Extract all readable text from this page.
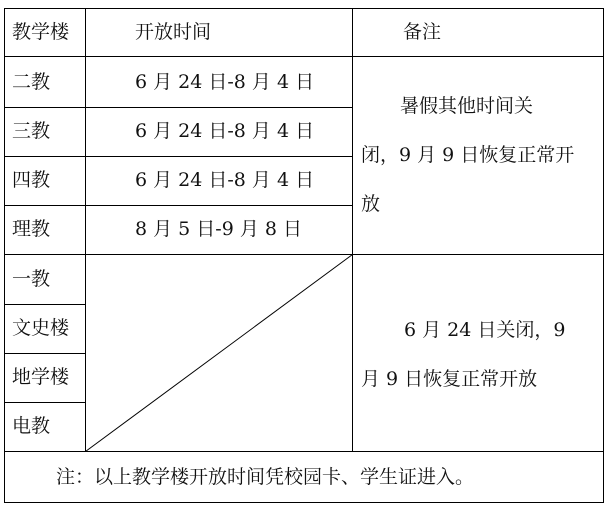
教学楼	开放时间	备注
二教	6 月 24 日-8 月 4 日
三教	6 月 24 日-8 月 4 日
四教	6 月 24 日-8 月 4 日
理教	8 月 5 日-9 月 8 日
暑假其他时间关
闭，9 月 9 日恢复正常开
放
一教
文史楼
地学楼
电教
6 月 24 日关闭，9
月 9 日恢复正常开放
注：以上教学楼开放时间凭校园卡、学生证进入。
